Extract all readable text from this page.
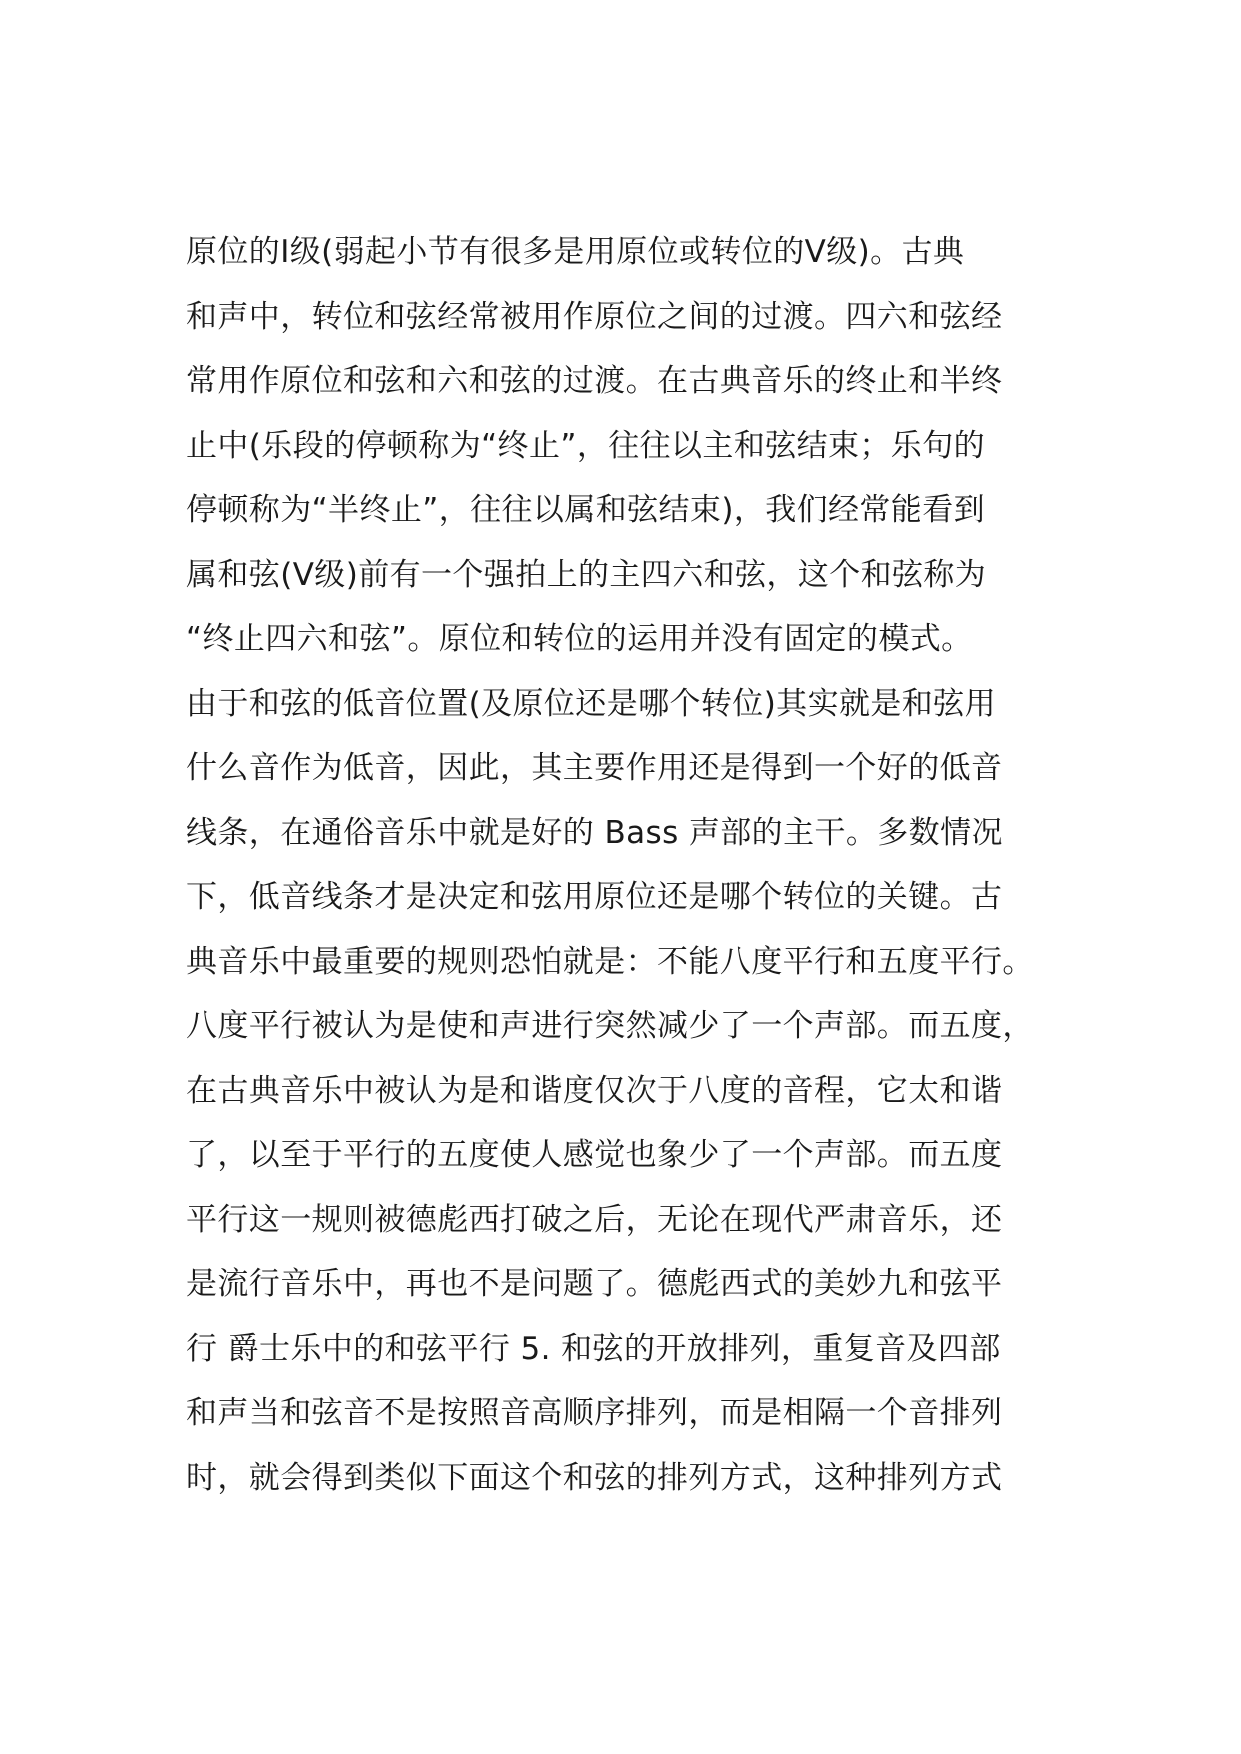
原位的Ⅰ级(弱起小节有很多是用原位或转位的Ⅴ级)。古典
和声中，转位和弦经常被用作原位之间的过渡。四六和弦经
常用作原位和弦和六和弦的过渡。在古典音乐的终止和半终
止中(乐段的停顿称为“终止”，往往以主和弦结束；乐句的
停顿称为“半终止”，往往以属和弦结束)，我们经常能看到
属和弦(Ⅴ级)前有一个强拍上的主四六和弦，这个和弦称为
“终止四六和弦”。原位和转位的运用并没有固定的模式。
由于和弦的低音位置(及原位还是哪个转位)其实就是和弦用
什么音作为低音，因此，其主要作用还是得到一个好的低音
线条，在通俗音乐中就是好的 Bass 声部的主干。多数情况
下，低音线条才是决定和弦用原位还是哪个转位的关键。古
典音乐中最重要的规则恐怕就是：不能八度平行和五度平行。
八度平行被认为是使和声进行突然减少了一个声部。而五度，
在古典音乐中被认为是和谐度仅次于八度的音程，它太和谐
了，以至于平行的五度使人感觉也象少了一个声部。而五度
平行这一规则被德彪西打破之后，无论在现代严肃音乐，还
是流行音乐中，再也不是问题了。德彪西式的美妙九和弦平
行 爵士乐中的和弦平行 5. 和弦的开放排列，重复音及四部
和声当和弦音不是按照音高顺序排列，而是相隔一个音排列
时，就会得到类似下面这个和弦的排列方式，这种排列方式
